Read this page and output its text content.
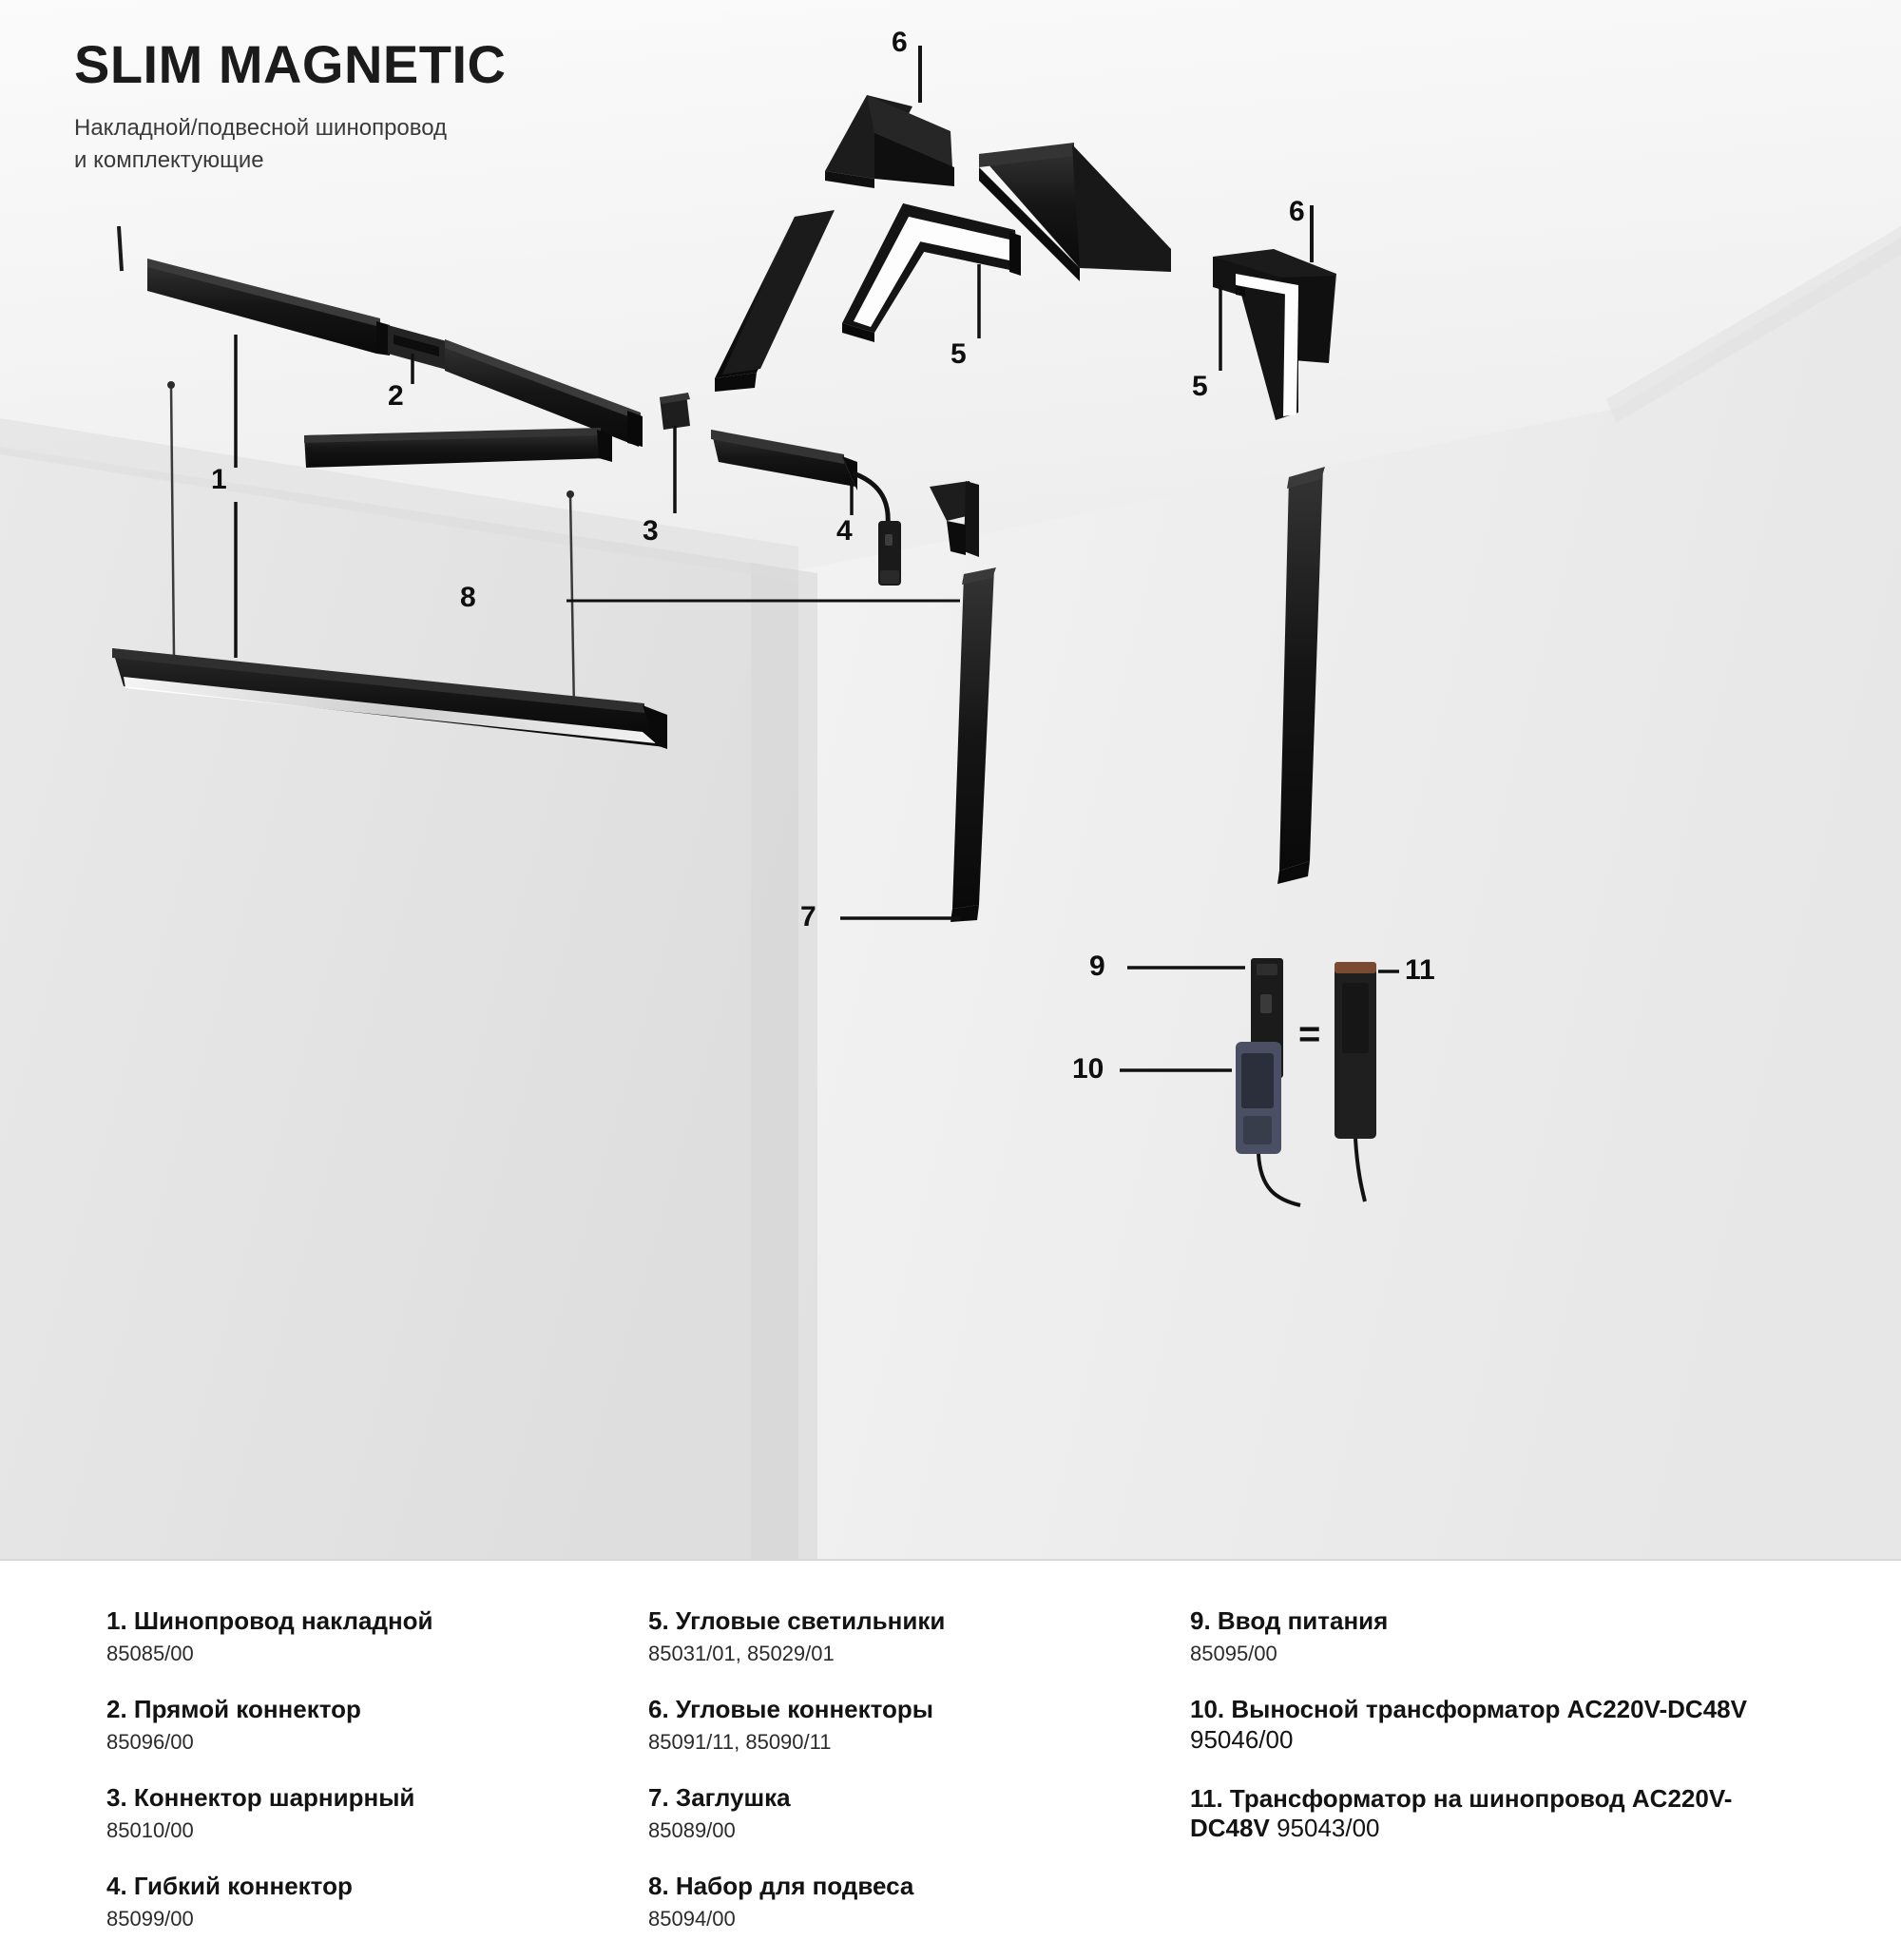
SLIM MAGNETIC

Накладной/подвесной шинопровод
и комплектующие

1
2
3	4
5
5
6
6
7
8
9
10
11
=

1. Шинопровод накладной

85085/00

2. Прямой коннектор

85096/00

3. Коннектор шарнирный

85010/00

4. Гибкий коннектор

85099/00

5. Угловые светильники

85031/01, 85029/01

6. Угловые коннекторы

85091/11, 85090/11

7. Заглушка

85089/00

8. Набор для подвеса

85094/00

9. Ввод питания

85095/00

10. Выносной трансформатор AC220V-DC48V 95046/00

11. Трансформатор на шинопровод AC220V-DC48V 95043/00
